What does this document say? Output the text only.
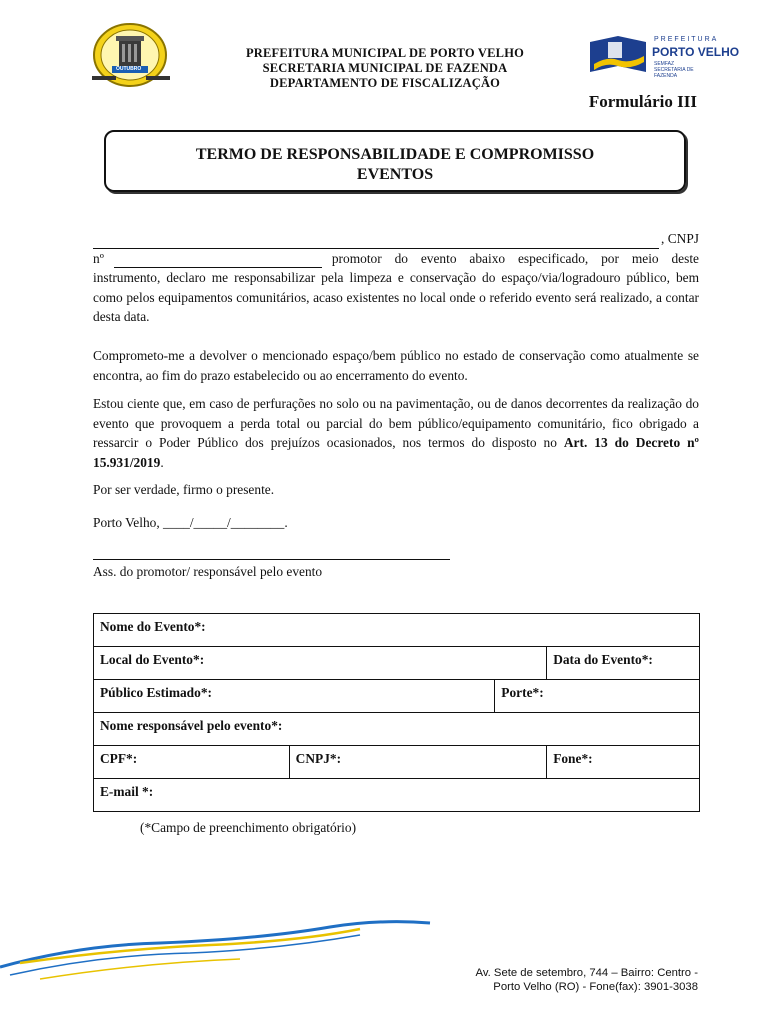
OUTUBRO
PREFEITURA MUNICIPAL DE PORTO VELHO
SECRETARIA MUNICIPAL DE FAZENDA
DEPARTAMENTO DE FISCALIZAÇÃO
PREFEITURA
PORTO VELHO
SEMFAZ SECRETARIA DE FAZENDA
Formulário III
TERMO DE RESPONSABILIDADE E COMPROMISSO
EVENTOS
, CNPJ
nº	promotor do evento abaixo especificado, por meio deste
instrumento, declaro me responsabilizar pela limpeza e conservação do espaço/via/logradouro público, bem como pelos equipamentos comunitários, acaso existentes no local onde o referido evento será realizado, a contar desta data.
Comprometo-me a devolver o mencionado espaço/bem público no estado de conservação como atualmente se encontra, ao fim do prazo estabelecido ou ao encerramento do evento.
Estou ciente que, em caso de perfurações no solo ou na pavimentação, ou de danos decorrentes da realização do evento que provoquem a perda total ou parcial do bem público/equipamento comunitário, fico obrigado a ressarcir o Poder Público dos prejuízos ocasionados, nos termos do disposto no Art. 13 do Decreto nº 15.931/2019.
Por ser verdade, firmo o presente.
Porto Velho, ____/_____/________.
Ass. do promotor/ responsável pelo evento
Nome do Evento*:			
Local do Evento*:			Data do Evento*:
Público Estimado*:		Porte*:	
Nome responsável pelo evento*:			
CPF*:	CNPJ*:		Fone*:
E-mail *:			
(*Campo de preenchimento obrigatório)
Av. Sete de setembro, 744 – Bairro: Centro -
Porto Velho (RO) - Fone(fax): 3901-3038
